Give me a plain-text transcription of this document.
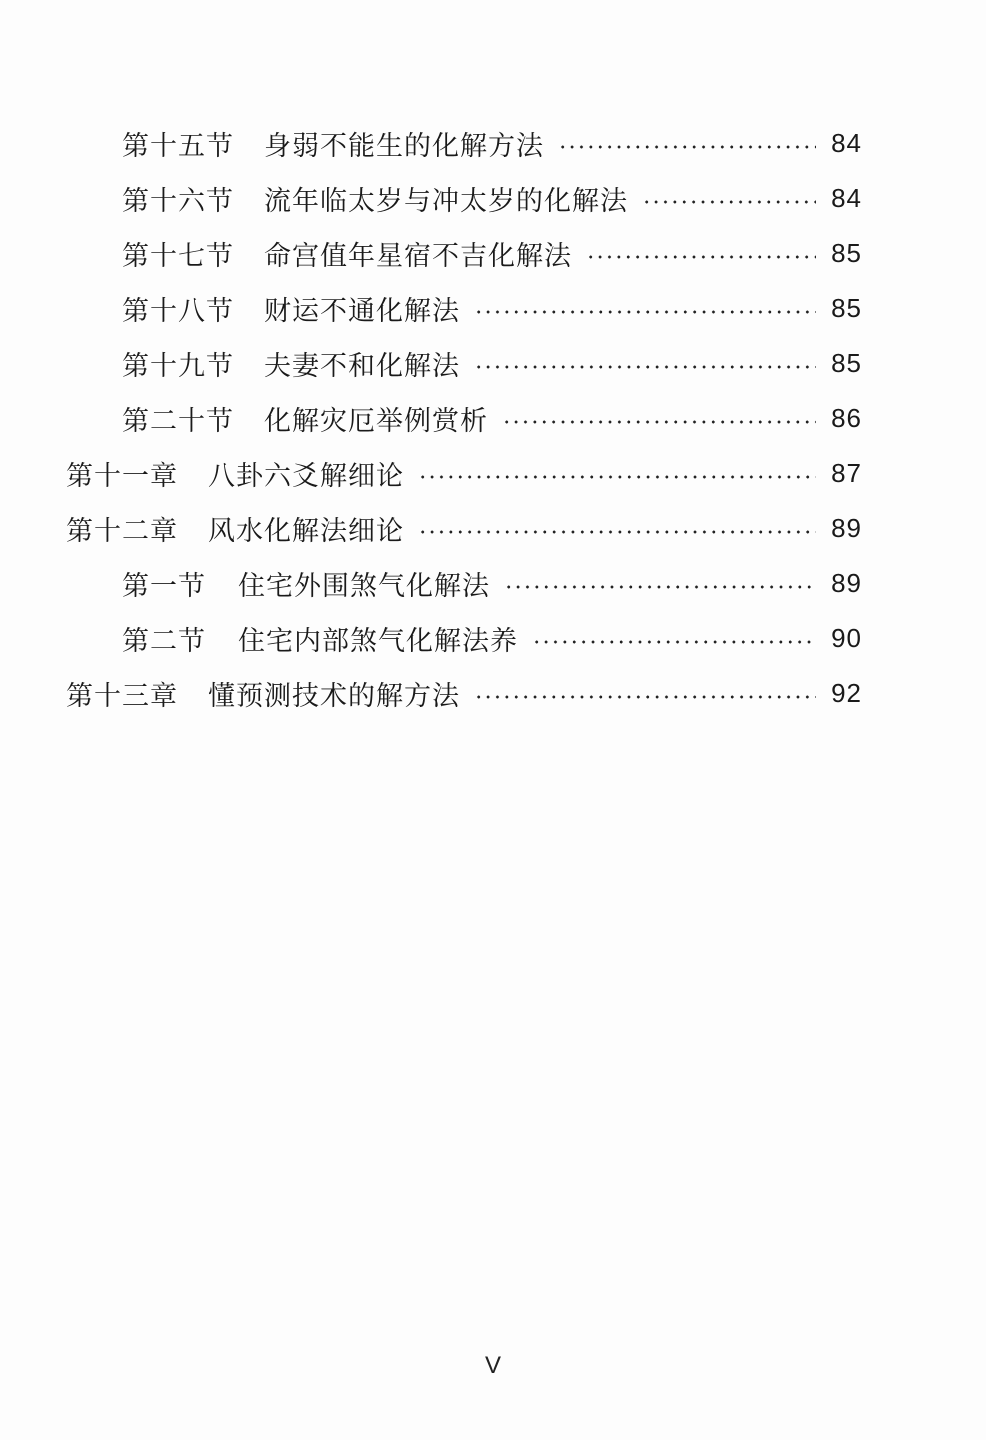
第十五节	身弱不能生的化解方法	84
第十六节	流年临太岁与冲太岁的化解法	84
第十七节	命宫值年星宿不吉化解法	85
第十八节	财运不通化解法	85
第十九节	夫妻不和化解法	85
第二十节	化解灾厄举例赏析	86
第十一章	八卦六爻解细论	87
第十二章	风水化解法细论	89
第一节	住宅外围煞气化解法	89
第二节	住宅内部煞气化解法养	90
第十三章	懂预测技术的解方法	92
V
